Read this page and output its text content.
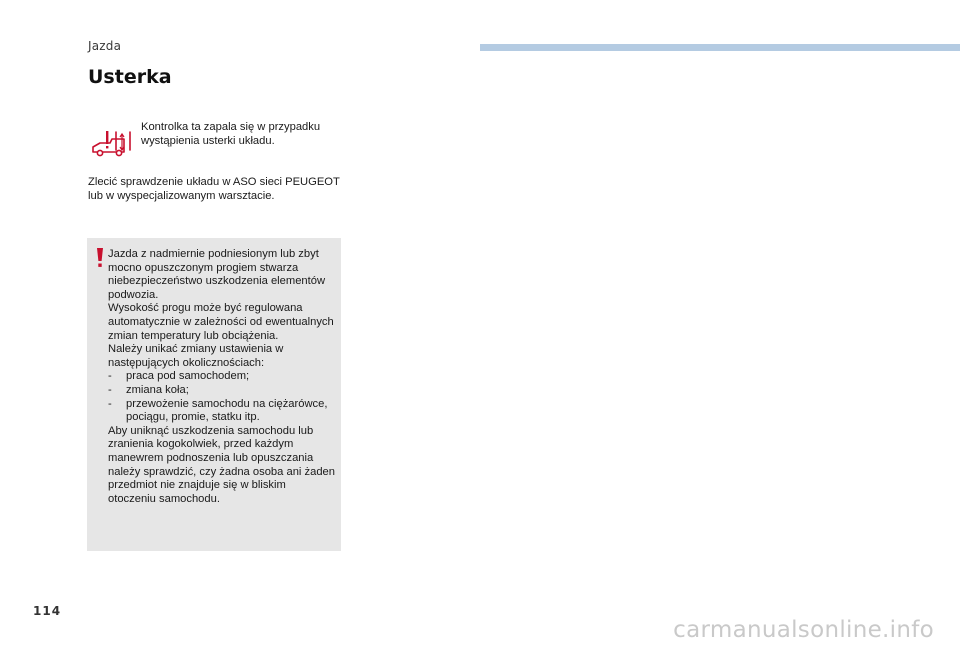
Jazda
Usterka
Kontrolka ta zapala się w przypadku wystąpienia usterki układu.
Zlecić sprawdzenie układu w ASO sieci PEUGEOT lub w wyspecjalizowanym warsztacie.

Jazda z nadmiernie podniesionym lub zbyt mocno opuszczonym progiem stwarza niebezpieczeństwo uszkodzenia elementów podwozia.

Wysokość progu może być regulowana automatycznie w zależności od ewentualnych zmian temperatury lub obciążenia.

Należy unikać zmiany ustawienia w następujących okolicznościach:

- praca pod samochodem;
- zmiana koła;
- przewożenie samochodu na ciężarówce, pociągu, promie, statku itp.

Aby uniknąć uszkodzenia samochodu lub zranienia kogokolwiek, przed każdym manewrem podnoszenia lub opuszczania należy sprawdzić, czy żadna osoba ani żaden przedmiot nie znajduje się w bliskim otoczeniu samochodu.

114
carmanualsonline.info
